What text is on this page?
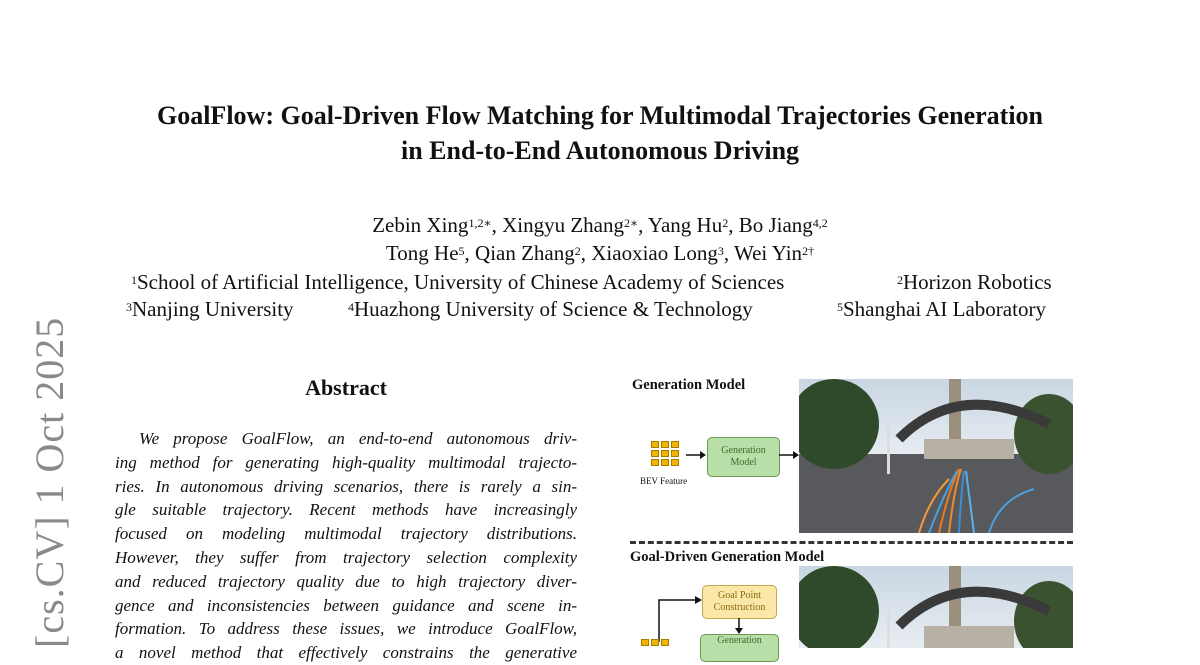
[cs.CV] 1 Oct 2025
GoalFlow: Goal-Driven Flow Matching for Multimodal Trajectories Generation
in End-to-End Autonomous Driving
Zebin Xing$^{1,2∗}$, Xingyu Zhang$^{2∗}$, Yang Hu$^2$, Bo Jiang$^{4,2}$
Tong He$^5$, Qian Zhang$^2$, Xiaoxiao Long$^3$, Wei Yin$^{2\dagger}$
$^1$School of Artificial Intelligence, University of Chinese Academy of Sciences	$^2$Horizon Robotics
$^3$Nanjing University	$^4$Huazhong University of Science & Technology	$^5$Shanghai AI Laboratory
Abstract
We propose GoalFlow, an end-to-end autonomous driv-
ing method for generating high-quality multimodal trajecto-
ries. In autonomous driving scenarios, there is rarely a sin-
gle suitable trajectory. Recent methods have increasingly
focused on modeling multimodal trajectory distributions.
However, they suffer from trajectory selection complexity
and reduced trajectory quality due to high trajectory diver-
gence and inconsistencies between guidance and scene in-
formation. To address these issues, we introduce GoalFlow,
a novel method that effectively constrains the generative
Generation Model
BEV Feature
Generation Model
Goal-Driven Generation Model
Goal Point Construction
Generation
